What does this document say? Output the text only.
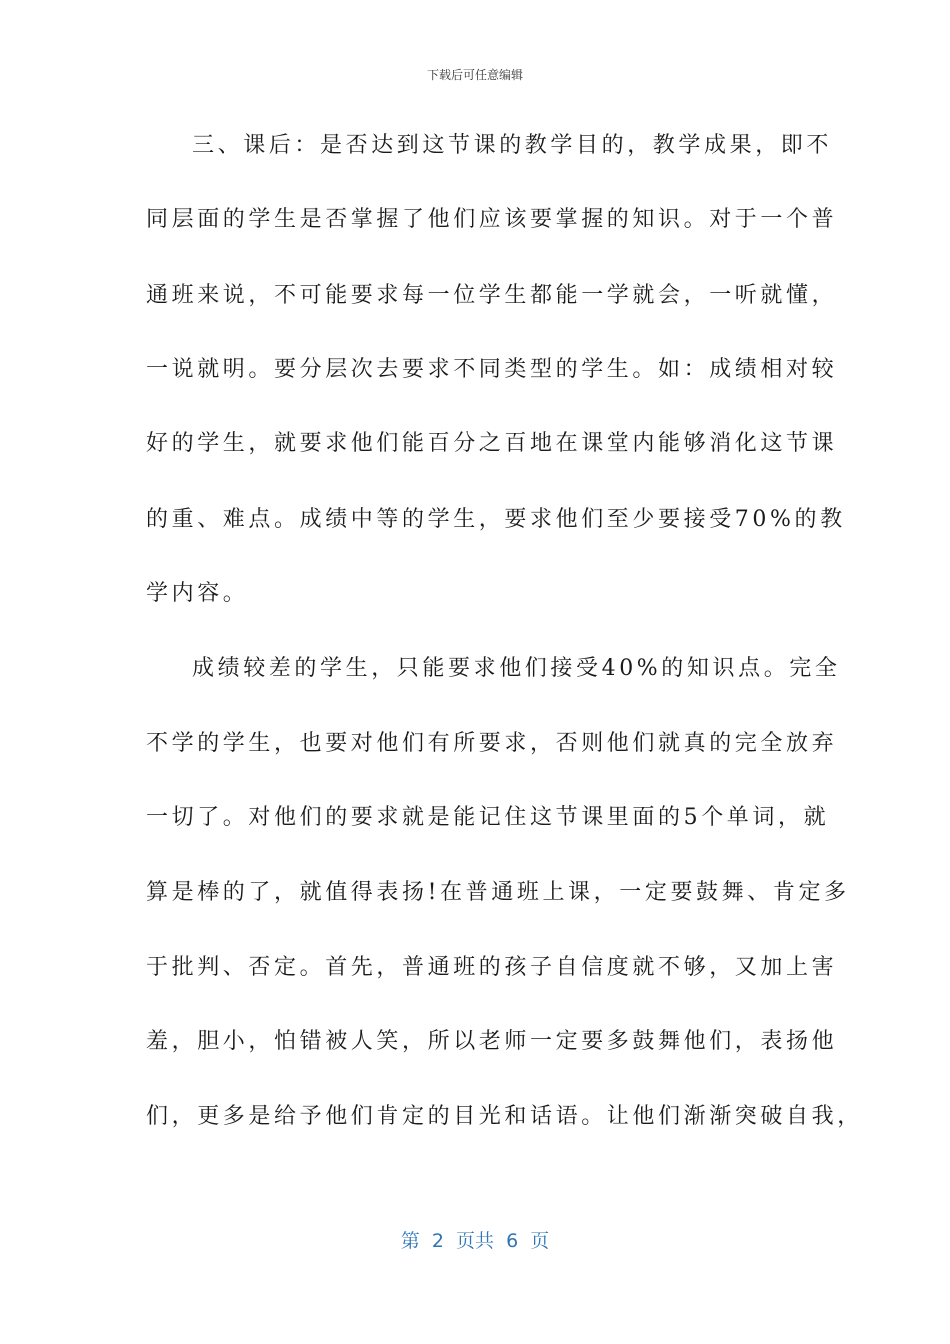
下载后可任意编辑
三、课后：是否达到这节课的教学目的，教学成果，即不
同层面的学生是否掌握了他们应该要掌握的知识。对于一个普
通班来说，不可能要求每一位学生都能一学就会，一听就懂，
一说就明。要分层次去要求不同类型的学生。如：成绩相对较
好的学生，就要求他们能百分之百地在课堂内能够消化这节课
的重、难点。成绩中等的学生，要求他们至少要接受70%的教
学内容。
成绩较差的学生，只能要求他们接受40%的知识点。完全
不学的学生，也要对他们有所要求，否则他们就真的完全放弃
一切了。对他们的要求就是能记住这节课里面的5个单词，就
算是棒的了，就值得表扬!在普通班上课，一定要鼓舞、肯定多
于批判、否定。首先，普通班的孩子自信度就不够，又加上害
羞，胆小，怕错被人笑，所以老师一定要多鼓舞他们，表扬他
们，更多是给予他们肯定的目光和话语。让他们渐渐突破自我，
第  2  页共  6  页
